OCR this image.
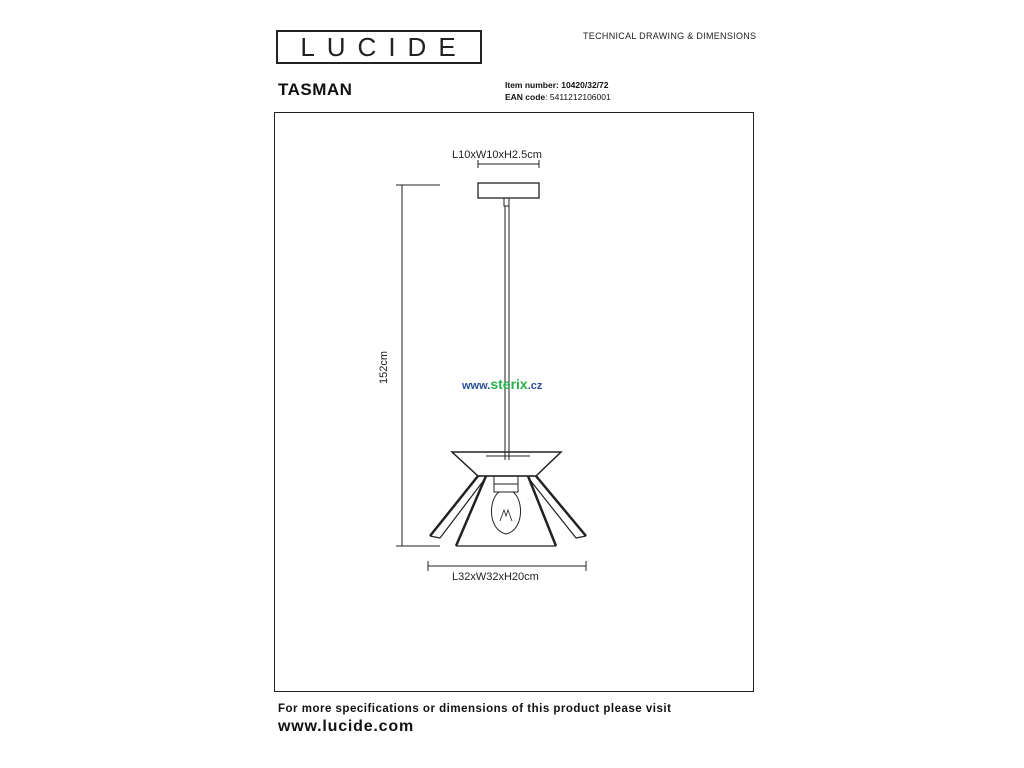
LUCIDE	TECHNICAL DRAWING & DIMENSIONS
TASMAN	Item number: 10420/32/72
EAN code: 5411212106001
L10xW10xH2.5cm
152cm
L32xW32xH20cm
www.sterix.cz
For more specifications or dimensions of this product please visit
www.lucide.com
